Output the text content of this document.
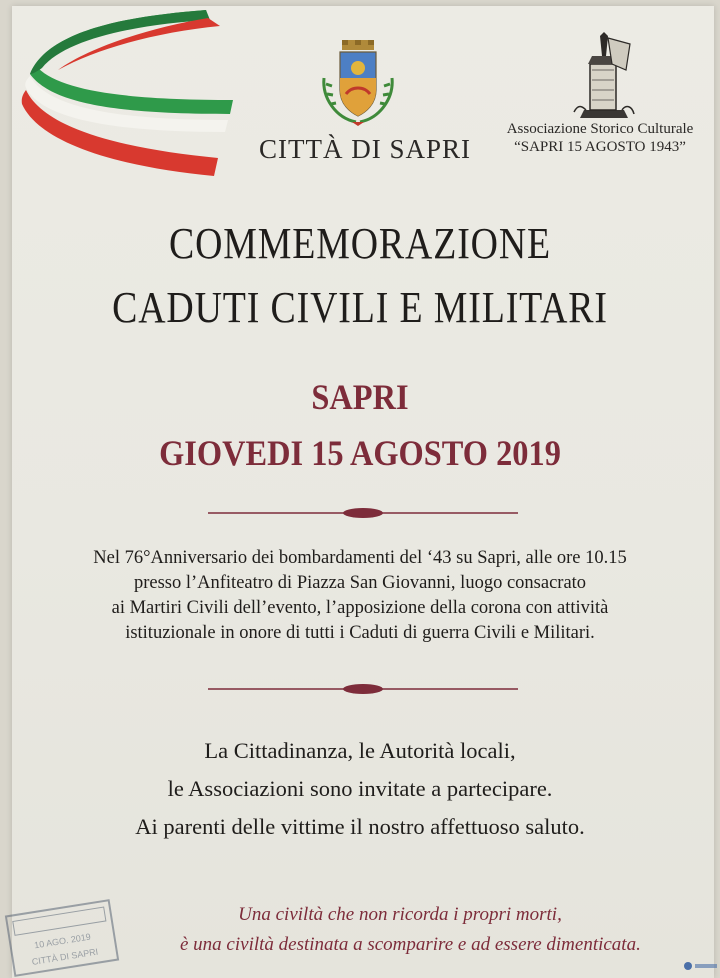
CITTÀ DI SAPRI
Associazione Storico Culturale
“SAPRI 15 AGOSTO 1943”
COMMEMORAZIONE
CADUTI CIVILI E MILITARI
SAPRI
GIOVEDI 15 AGOSTO 2019
Nel 76°Anniversario dei bombardamenti del ‘43 su Sapri, alle ore 10.15
presso l’Anfiteatro di Piazza San Giovanni, luogo consacrato
ai Martiri Civili dell’evento, l’apposizione della corona con attività
istituzionale in onore di tutti i Caduti di guerra Civili e Militari.
La Cittadinanza, le Autorità locali,
le Associazioni sono invitate a partecipare.
Ai parenti delle vittime il nostro affettuoso saluto.
Una civiltà che non ricorda i propri morti,
è una civiltà destinata a scomparire e ad essere dimenticata.
10 AGO. 2019
CITTÀ DI SAPRI
